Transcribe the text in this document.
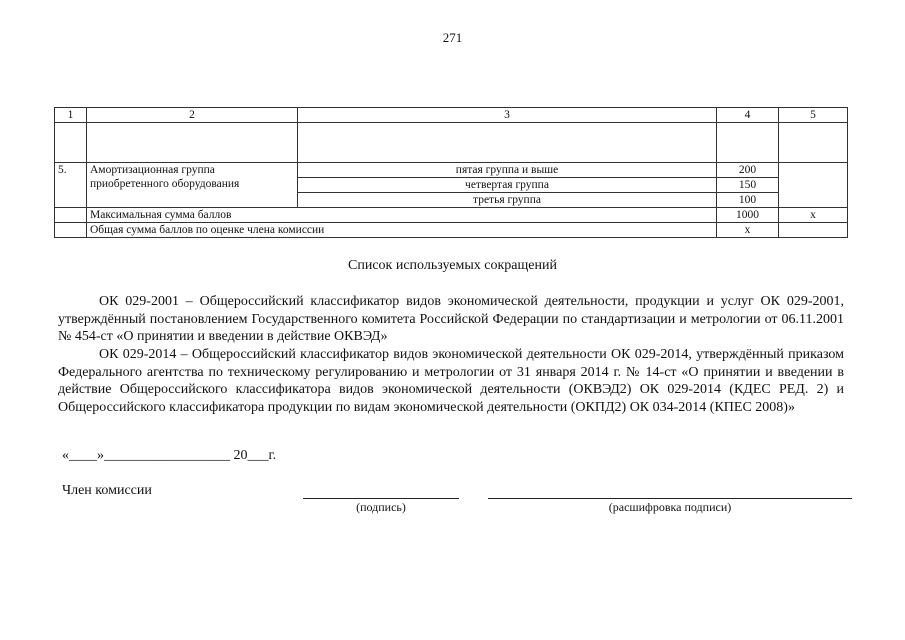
271
1	2	3	4	5

5.	Амортизационная группа приобретенного оборудования	пятая группа и выше	200	
		четвертая группа	150	
		третья группа	100	
	Максимальная сумма баллов		1000	х
	Общая сумма баллов по оценке члена комиссии		х	
Список используемых сокращений
ОК 029-2001 – Общероссийский классификатор видов экономической деятельности, продукции и услуг ОК 029-2001, утверждённый постановлением Государственного комитета Российской Федерации по стандартизации и метрологии от 06.11.2001 № 454-ст «О принятии и введении в действие ОКВЭД»
ОК 029-2014 – Общероссийский классификатор видов экономической деятельности ОК 029-2014, утверждённый приказом Федерального агентства по техническому регулированию и метрологии от 31 января 2014 г. № 14-ст «О принятии и введении в действие Общероссийского классификатора видов экономической деятельности (ОКВЭД2) ОК 029-2014 (КДЕС РЕД. 2) и Общероссийского классификатора продукции по видам экономической деятельности (ОКПД2) ОК 034-2014 (КПЕС 2008)»
«____»__________________ 20___г.
Член комиссии
(подпись)	(расшифровка подписи)
